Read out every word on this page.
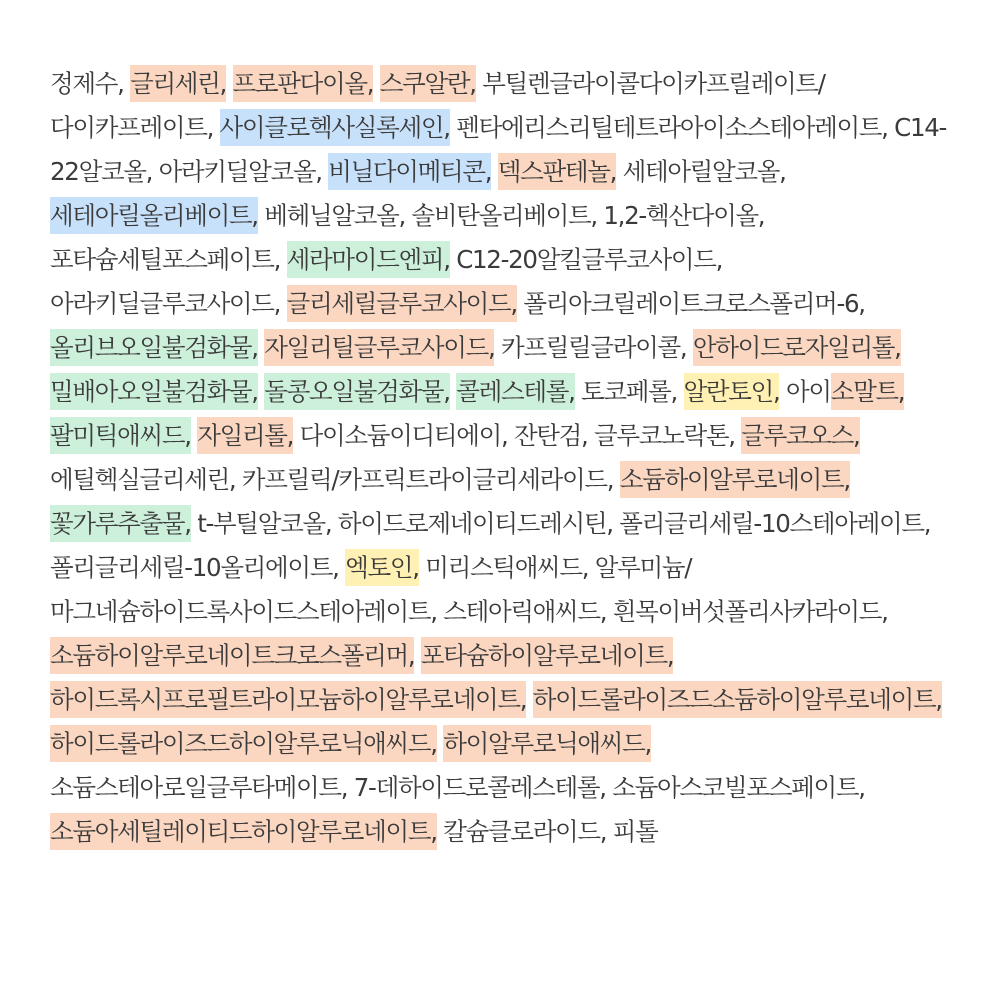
정제수, 글리세린, 프로판다이올, 스쿠알란, 부틸렌글라이콜다이카프릴레이트/다이카프레이트, 사이클로헥사실록세인, 펜타에리스리틸테트라아이소스테아레이트, C14-22알코올, 아라키딜알코올, 비닐다이메티콘, 덱스판테놀, 세테아릴알코올, 세테아릴올리베이트, 베헤닐알코올, 솔비탄올리베이트, 1,2-헥산다이올, 포타슘세틸포스페이트, 세라마이드엔피, C12-20알킬글루코사이드, 아라키딜글루코사이드, 글리세릴글루코사이드, 폴리아크릴레이트크로스폴리머-6, 올리브오일불검화물, 자일리틸글루코사이드, 카프릴릴글라이콜, 안하이드로자일리톨, 밀배아오일불검화물, 돌콩오일불검화물, 콜레스테롤, 토코페롤, 알란토인, 아이소말트, 팔미틱애씨드, 자일리톨, 다이소듐이디티에이, 잔탄검, 글루코노락톤, 글루코오스, 에틸헥실글리세린, 카프릴릭/카프릭트라이글리세라이드, 소듐하이알루로네이트, 꽃가루추출물, t-부틸알코올, 하이드로제네이티드레시틴, 폴리글리세릴-10스테아레이트, 폴리글리세릴-10올리에이트, 엑토인, 미리스틱애씨드, 알루미늄/마그네슘하이드록사이드스테아레이트, 스테아릭애씨드, 흰목이버섯폴리사카라이드, 소듐하이알루로네이트크로스폴리머, 포타슘하이알루로네이트, 하이드록시프로필트라이모늄하이알루로네이트, 하이드롤라이즈드소듐하이알루로네이트, 하이드롤라이즈드하이알루로닉애씨드, 하이알루로닉애씨드, 소듐스테아로일글루타메이트, 7-데하이드로콜레스테롤, 소듐아스코빌포스페이트, 소듐아세틸레이티드하이알루로네이트, 칼슘클로라이드, 피톨
